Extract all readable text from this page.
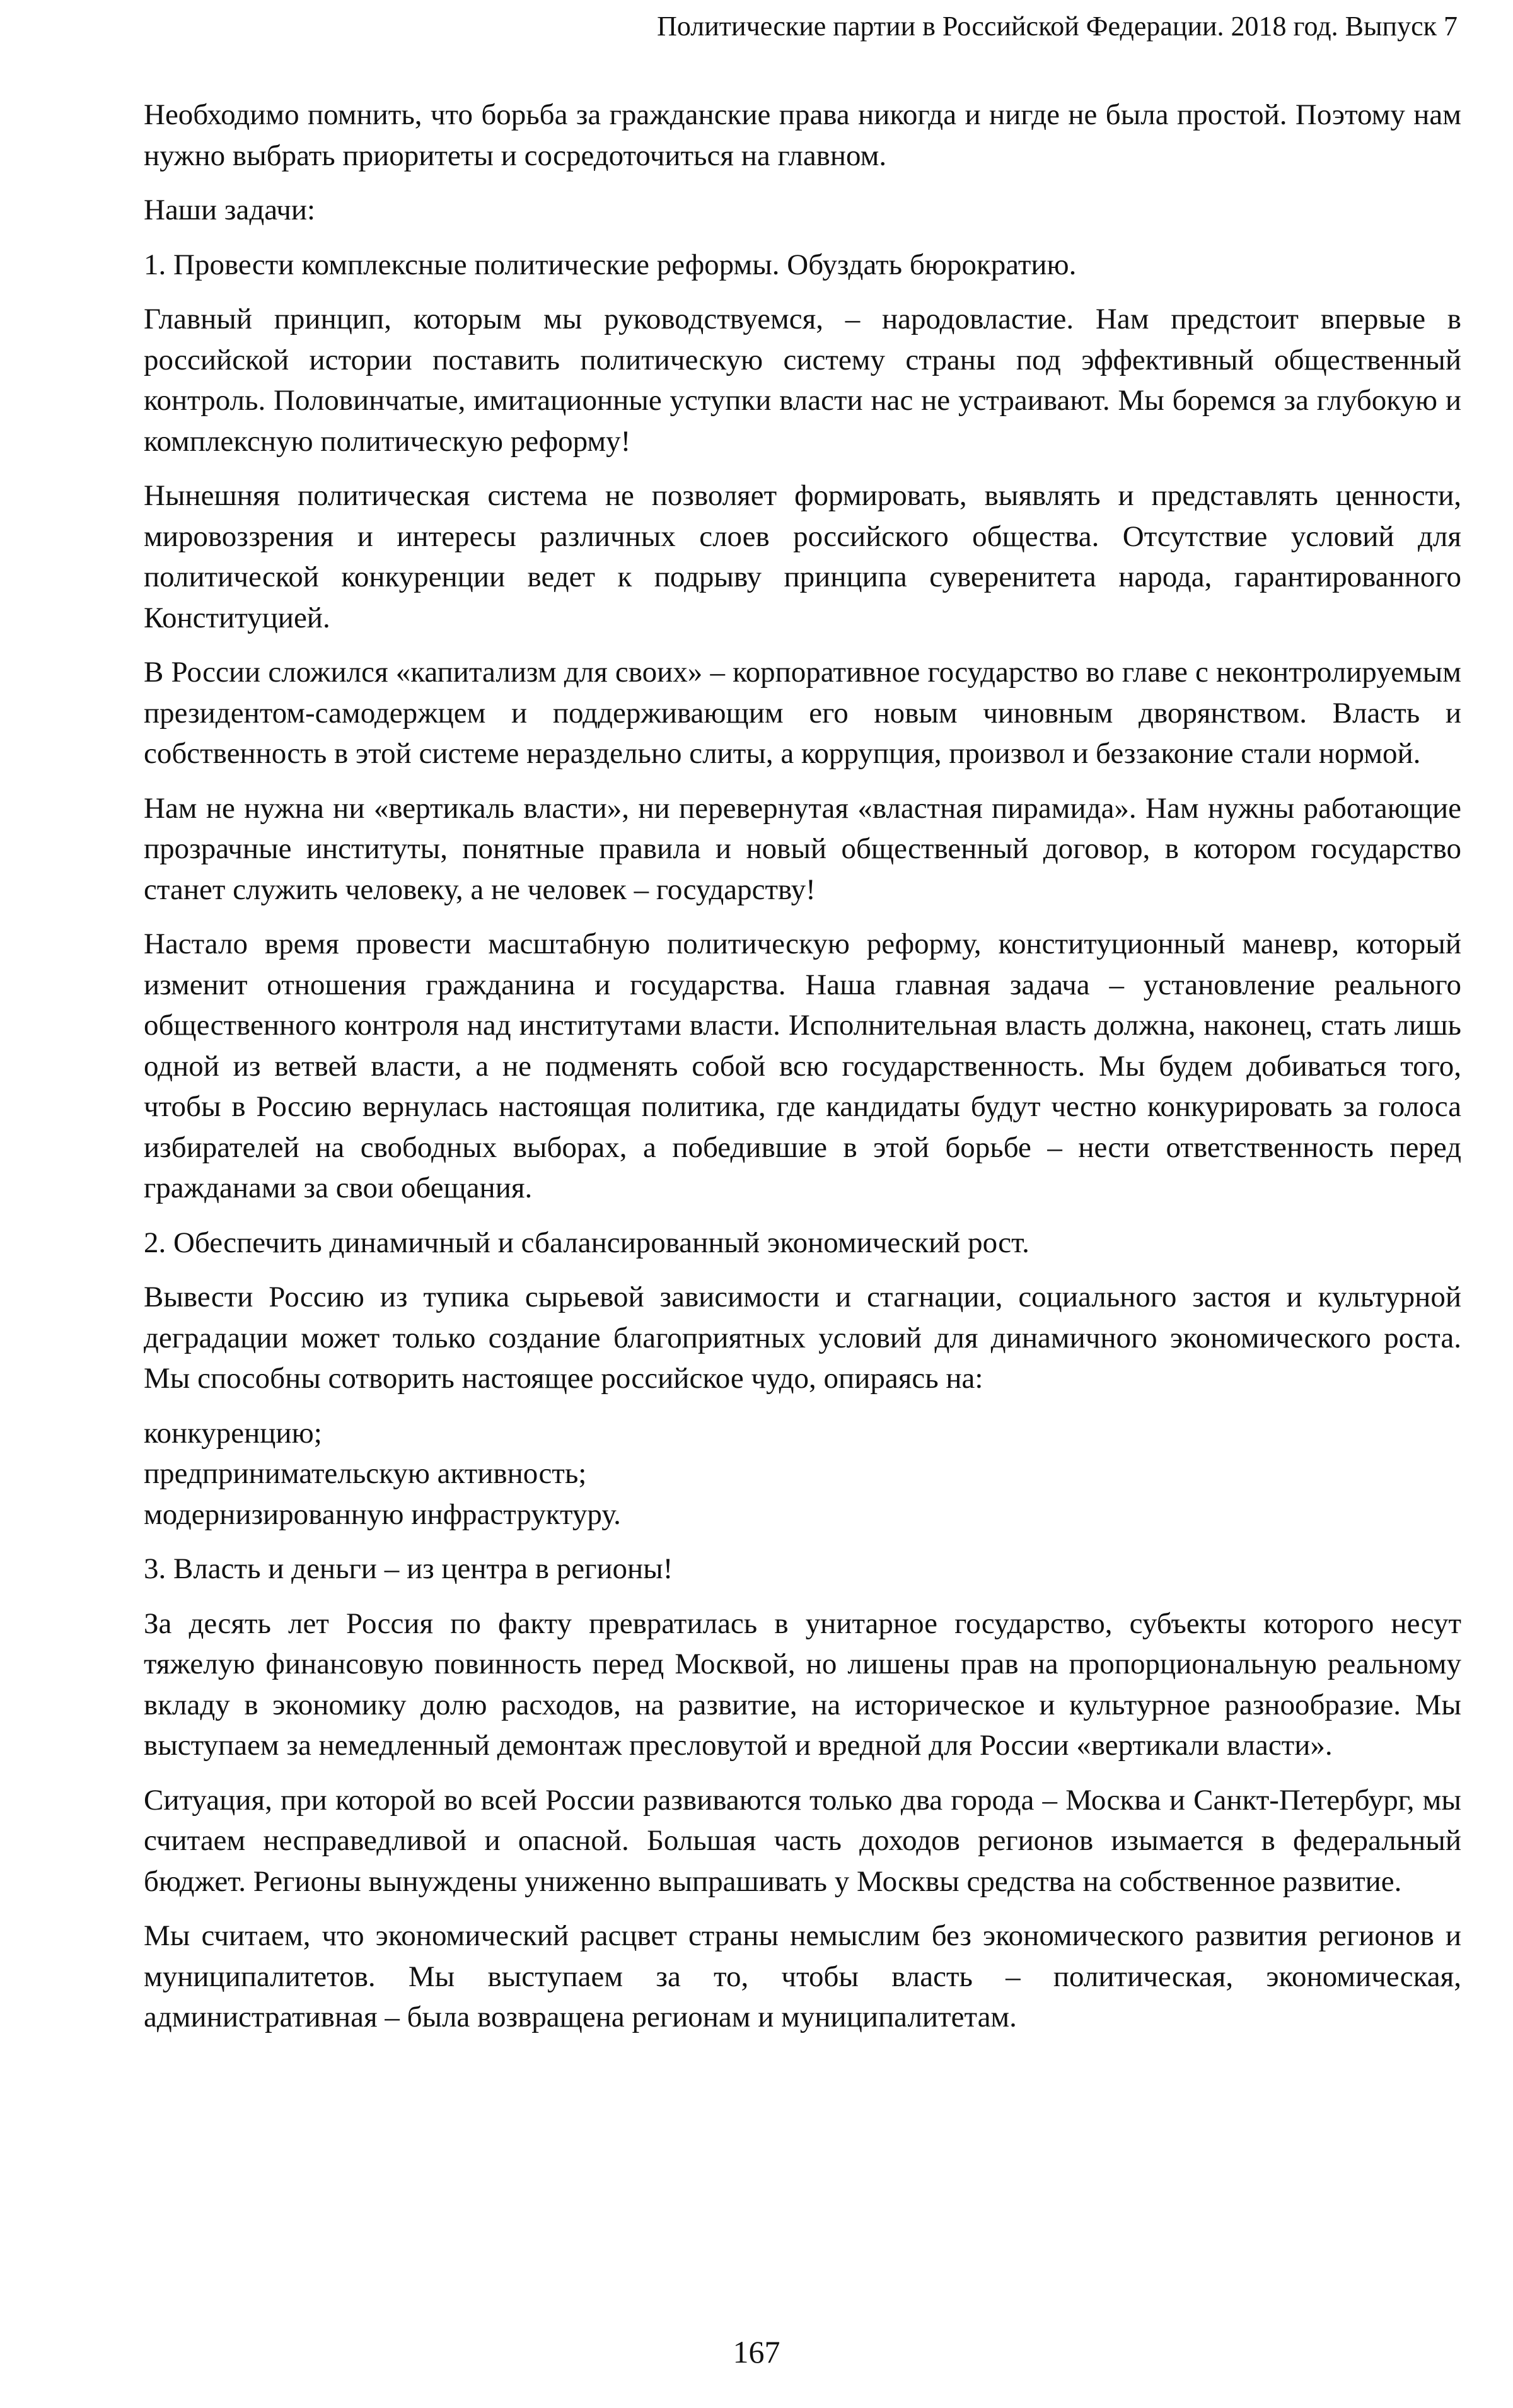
Политические партии в Российской Федерации. 2018 год. Выпуск 7

Необходимо помнить, что борьба за гражданские права никогда и нигде не была простой. Поэтому нам нужно выбрать приоритеты и сосредоточиться на главном.

Наши задачи:

1. Провести комплексные политические реформы. Обуздать бюрократию.

Главный принцип, которым мы руководствуемся, – народовластие. Нам предстоит впервые в российской истории поставить политическую систему страны под эффективный общественный контроль. Половинчатые, имитационные уступки власти нас не устраивают. Мы боремся за глубокую и комплексную политическую реформу!

Нынешняя политическая система не позволяет формировать, выявлять и представлять ценности, мировоззрения и интересы различных слоев российского общества. Отсутствие условий для политической конкуренции ведет к подрыву принципа суверенитета народа, гарантированного Конституцией.

В России сложился «капитализм для своих» – корпоративное государство во главе с неконтролируемым президентом-самодержцем и поддерживающим его новым чиновным дворянством. Власть и собственность в этой системе нераздельно слиты, а коррупция, произвол и беззаконие стали нормой.

Нам не нужна ни «вертикаль власти», ни перевернутая «властная пирамида». Нам нужны работающие прозрачные институты, понятные правила и новый общественный договор, в котором государство станет служить человеку, а не человек – государству!

Настало время провести масштабную политическую реформу, конституционный маневр, который изменит отношения гражданина и государства. Наша главная задача – установление реального общественного контроля над институтами власти. Исполнительная власть должна, наконец, стать лишь одной из ветвей власти, а не подменять собой всю государственность. Мы будем добиваться того, чтобы в Россию вернулась настоящая политика, где кандидаты будут честно конкурировать за голоса избирателей на свободных выборах, а победившие в этой борьбе – нести ответственность перед гражданами за свои обещания.

2. Обеспечить динамичный и сбалансированный экономический рост.

Вывести Россию из тупика сырьевой зависимости и стагнации, социального застоя и культурной деградации может только создание благоприятных условий для динамичного экономического роста. Мы способны сотворить настоящее российское чудо, опираясь на:

конкуренцию;
предпринимательскую активность;
модернизированную инфраструктуру.

3. Власть и деньги – из центра в регионы!

За десять лет Россия по факту превратилась в унитарное государство, субъекты которого несут тяжелую финансовую повинность перед Москвой, но лишены прав на пропорциональную реальному вкладу в экономику долю расходов, на развитие, на историческое и культурное разнообразие. Мы выступаем за немедленный демонтаж пресловутой и вредной для России «вертикали власти».

Ситуация, при которой во всей России развиваются только два города – Москва и Санкт-Петербург, мы считаем несправедливой и опасной. Большая часть доходов регионов изымается в федеральный бюджет. Регионы вынуждены униженно выпрашивать у Москвы средства на собственное развитие.

Мы считаем, что экономический расцвет страны немыслим без экономического развития регионов и муниципалитетов. Мы выступаем за то, чтобы власть – политическая, экономическая, административная – была возвращена регионам и муниципалитетам.

167
